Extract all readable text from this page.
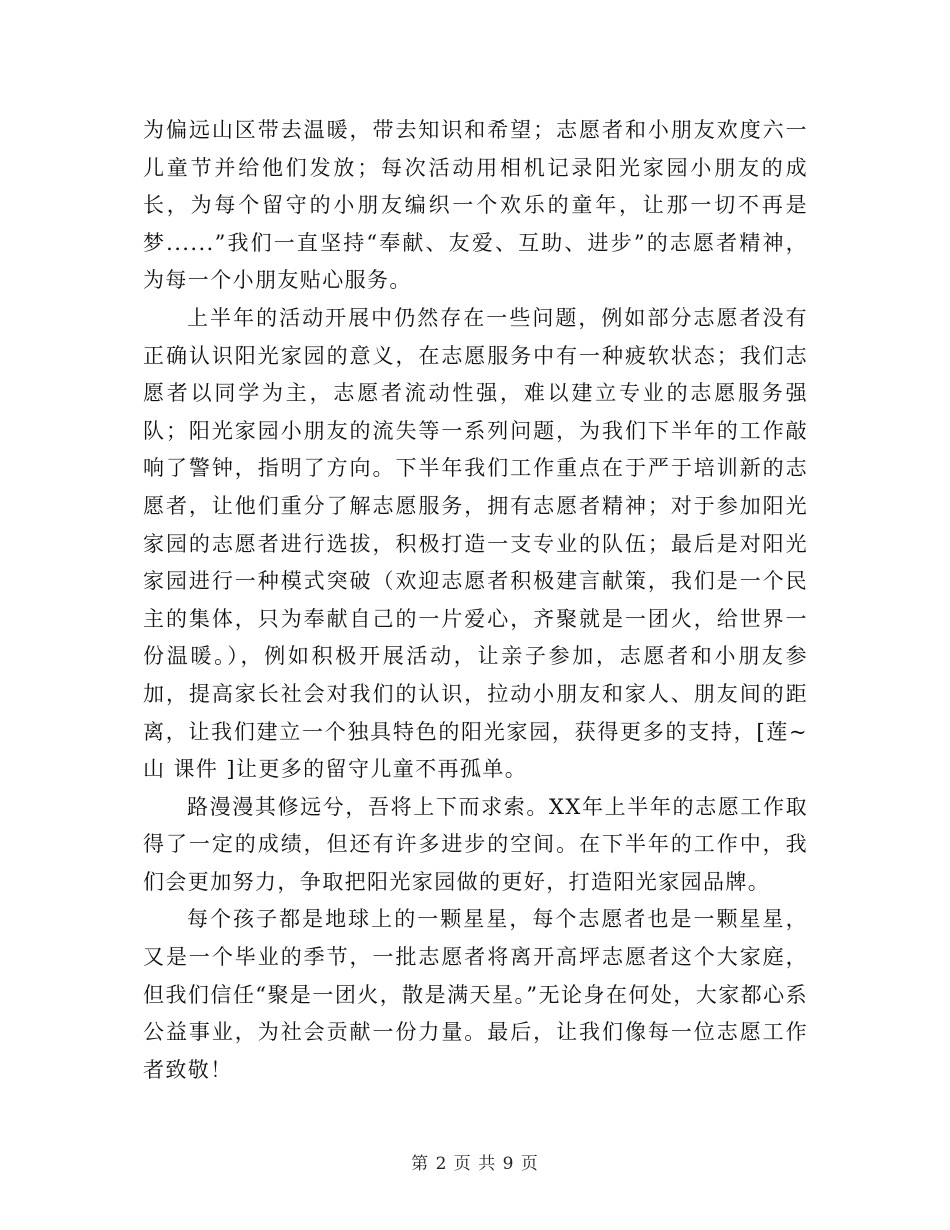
为偏远山区带去温暖，带去知识和希望；志愿者和小朋友欢度六一儿童节并给他们发放；每次活动用相机记录阳光家园小朋友的成长，为每个留守的小朋友编织一个欢乐的童年，让那一切不再是梦......”我们一直坚持“奉献、友爱、互助、进步”的志愿者精神，为每一个小朋友贴心服务。

上半年的活动开展中仍然存在一些问题，例如部分志愿者没有正确认识阳光家园的意义，在志愿服务中有一种疲软状态；我们志愿者以同学为主，志愿者流动性强，难以建立专业的志愿服务强队；阳光家园小朋友的流失等一系列问题，为我们下半年的工作敲响了警钟，指明了方向。下半年我们工作重点在于严于培训新的志愿者，让他们重分了解志愿服务，拥有志愿者精神；对于参加阳光家园的志愿者进行选拔，积极打造一支专业的队伍；最后是对阳光家园进行一种模式突破（欢迎志愿者积极建言献策，我们是一个民主的集体，只为奉献自己的一片爱心，齐聚就是一团火，给世界一份温暖。），例如积极开展活动，让亲子参加，志愿者和小朋友参加，提高家长社会对我们的认识，拉动小朋友和家人、朋友间的距离，让我们建立一个独具特色的阳光家园，获得更多的支持，[莲~山 课件 ]让更多的留守儿童不再孤单。

路漫漫其修远兮，吾将上下而求索。XX年上半年的志愿工作取得了一定的成绩，但还有许多进步的空间。在下半年的工作中，我们会更加努力，争取把阳光家园做的更好，打造阳光家园品牌。

每个孩子都是地球上的一颗星星，每个志愿者也是一颗星星，又是一个毕业的季节，一批志愿者将离开高坪志愿者这个大家庭，但我们信任“聚是一团火，散是满天星。”无论身在何处，大家都心系公益事业，为社会贡献一份力量。最后，让我们像每一位志愿工作者致敬！

第 2 页 共 9 页
